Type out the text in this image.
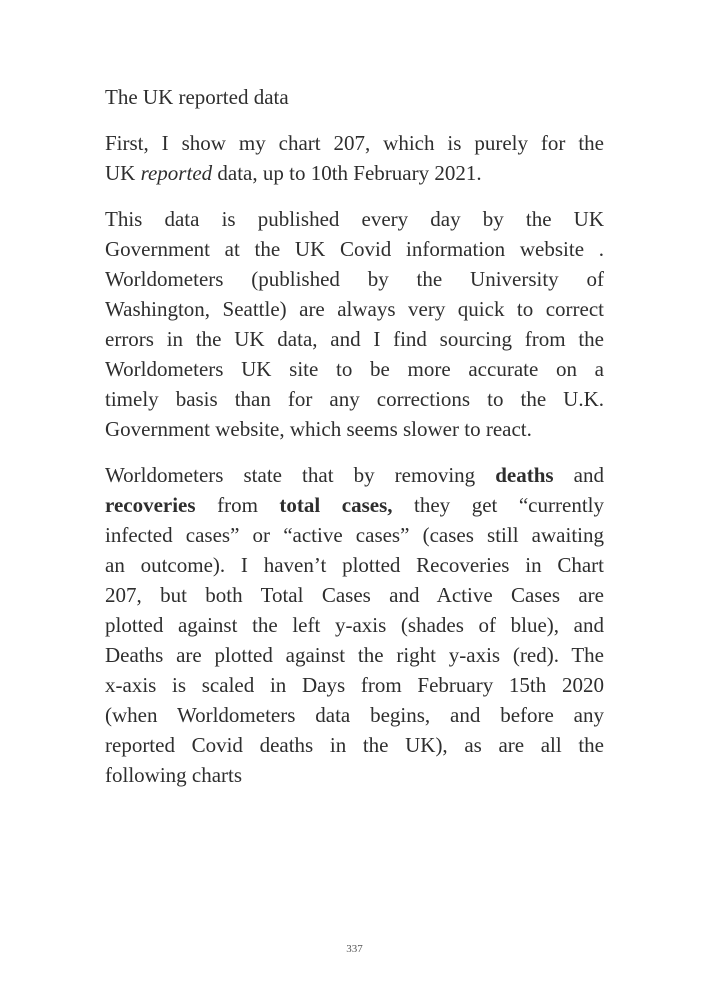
The UK reported data
First, I show my chart 207, which is purely for the
UK reported data, up to 10th February 2021.
This data is published every day by the UK
Government at the UK Covid information website .
Worldometers (published by the University of
Washington, Seattle) are always very quick to correct
errors in the UK data, and I find sourcing from the
Worldometers UK site to be more accurate on a
timely basis than for any corrections to the U.K.
Government website, which seems slower to react.
Worldometers state that by removing deaths and
recoveries from total cases, they get “currently
infected cases” or “active cases” (cases still awaiting
an outcome). I haven’t plotted Recoveries in Chart
207, but both Total Cases and Active Cases are
plotted against the left y-axis (shades of blue), and
Deaths are plotted against the right y-axis (red). The
x-axis is scaled in Days from February 15th 2020
(when Worldometers data begins, and before any
reported Covid deaths in the UK), as are all the
following charts
337
